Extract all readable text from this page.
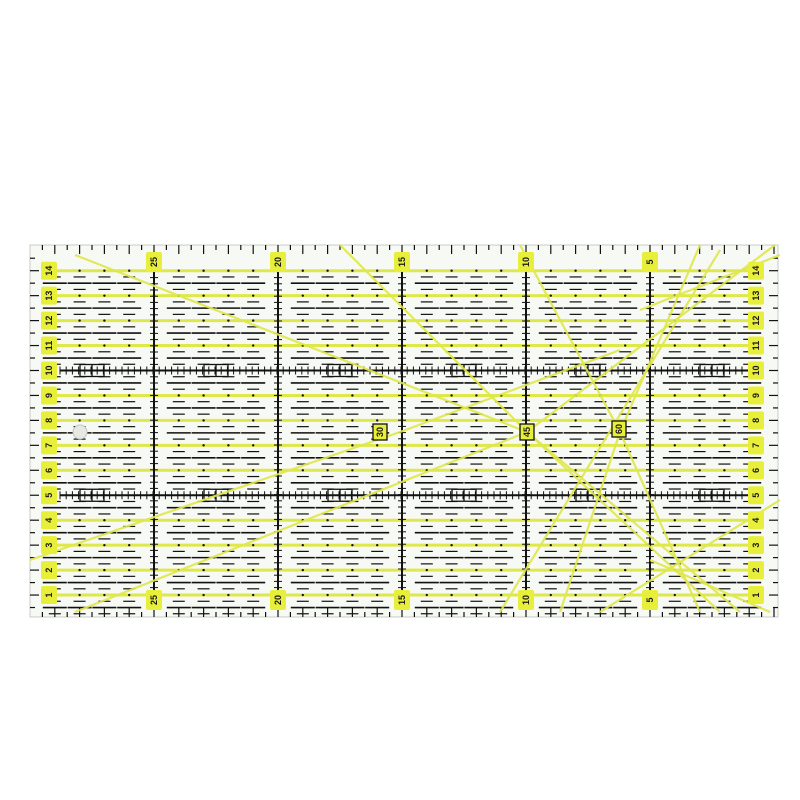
1	1
2	2
3	3
4	4
5	5
6	6
7	7
8	8
9	9
10	10
11	11
12	12
13	13
14	14
25
25
20
20
15
15
10
10
5
5
30	45	60
